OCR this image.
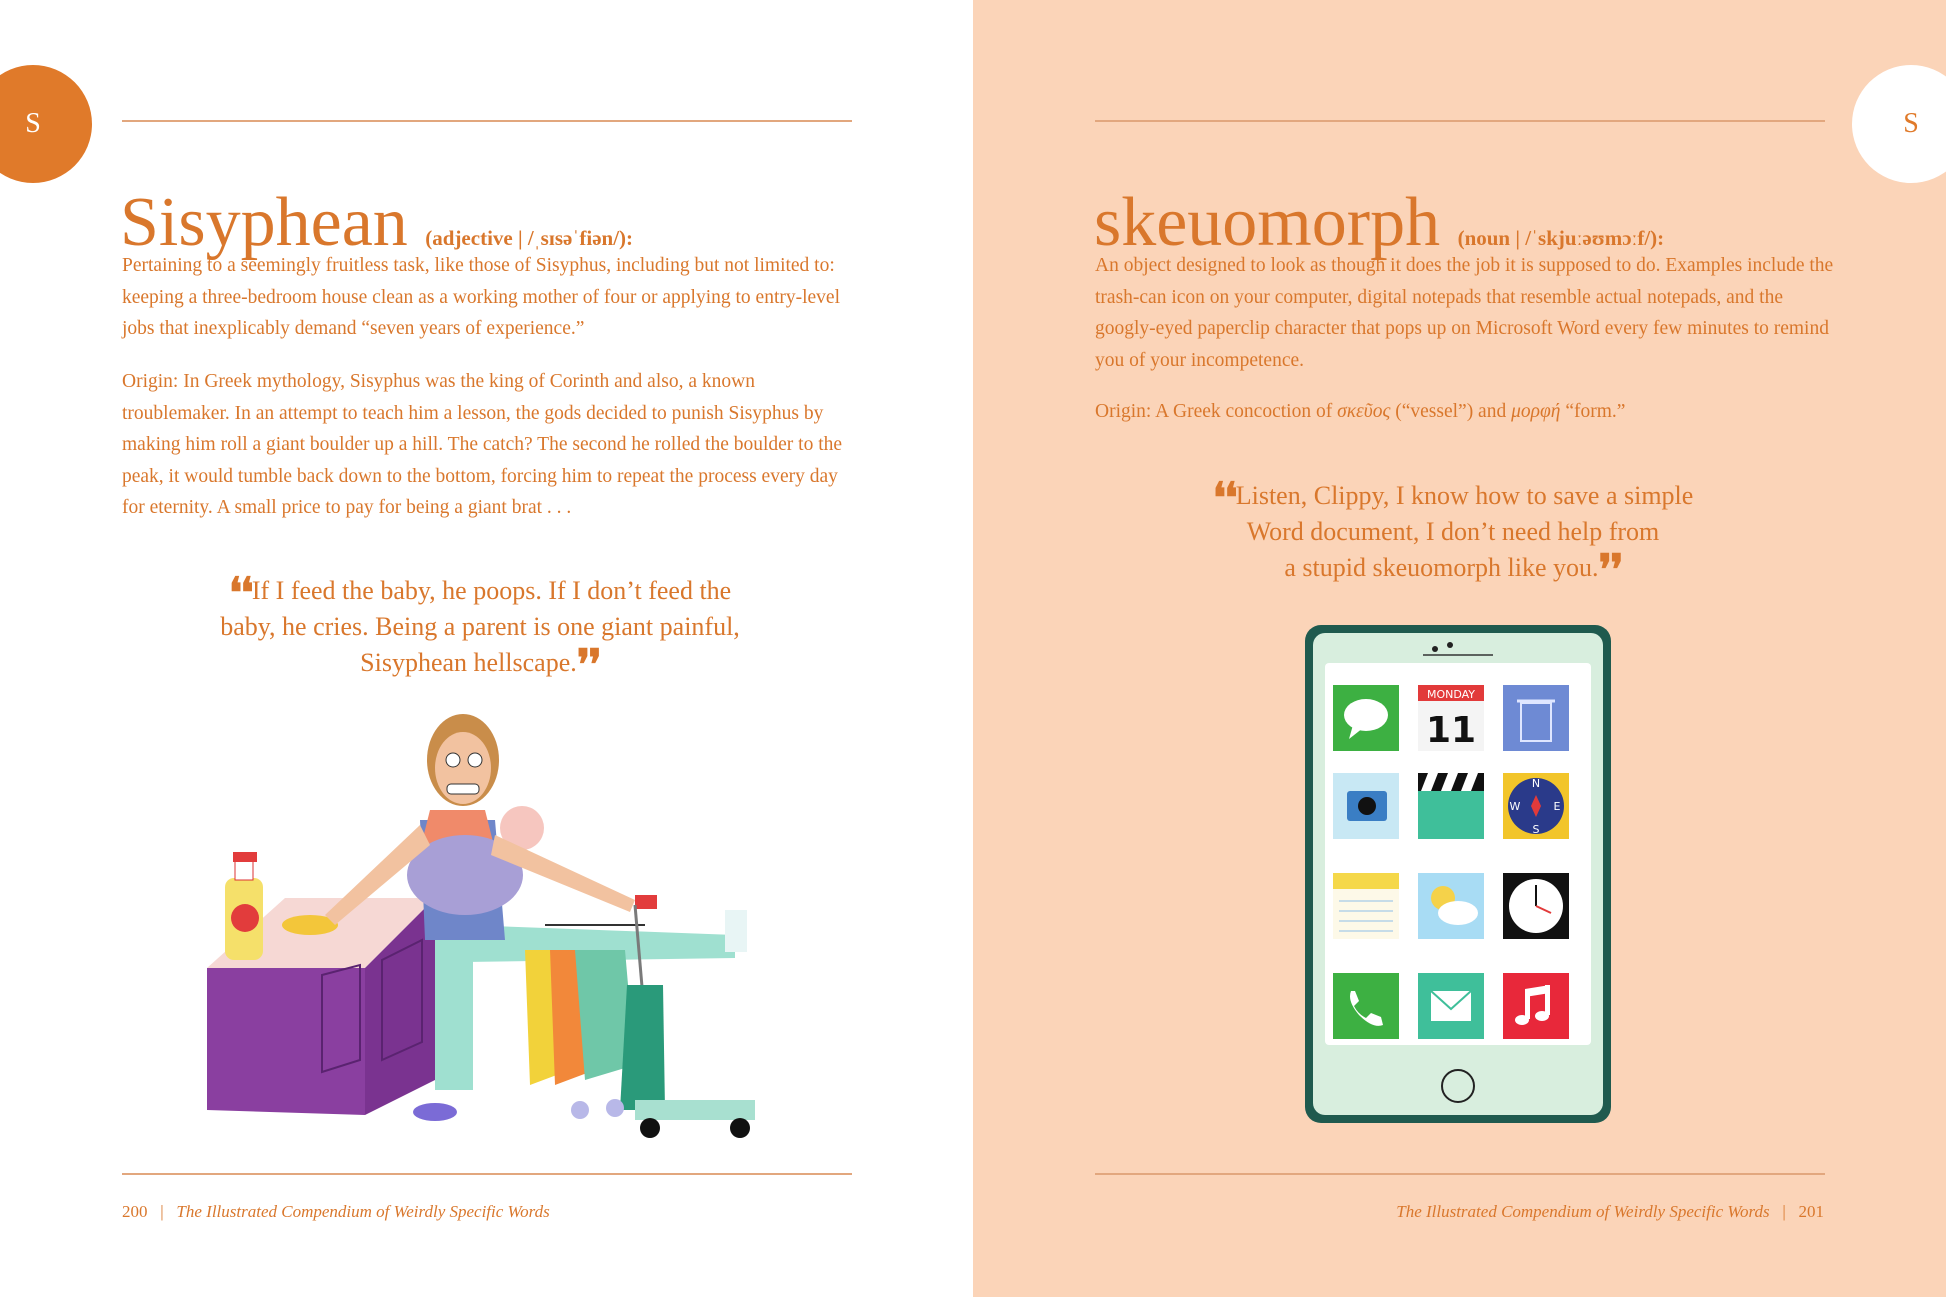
S
Sisyphean (adjective | /ˌsɪsəˈfiən/):

Pertaining to a seemingly fruitless task, like those of Sisyphus, including but not limited to: keeping a three-bedroom house clean as a working mother of four or applying to entry-level jobs that inexplicably demand “seven years of experience.”

Origin: In Greek mythology, Sisyphus was the king of Corinth and also, a known troublemaker. In an attempt to teach him a lesson, the gods decided to punish Sisyphus by making him roll a giant boulder up a hill. The catch? The second he rolled the boulder to the peak, it would tumble back down to the bottom, forcing him to repeat the process every day for eternity. A small price to pay for being a giant brat . . .

❛❛If I feed the baby, he poops. If I don’t feed the
baby, he cries. Being a parent is one giant painful,
Sisyphean hellscape.❜❜
200   |   The Illustrated Compendium of Weirdly Specific Words
S
skeuomorph (noun | /ˈskjuːəʊmɔːf/):

An object designed to look as though it does the job it is supposed to do. Examples include the trash-can icon on your computer, digital notepads that resemble actual notepads, and the googly-eyed paperclip character that pops up on Microsoft Word every few minutes to remind you of your incompetence.

Origin: A Greek concoction of σκεῦος (“vessel”) and μορφή “form.”

❛❛Listen, Clippy, I know how to save a simple
Word document, I don’t need help from
a stupid skeuomorph like you.❜❜
MONDAY
11
N
S
E
W
The Illustrated Compendium of Weirdly Specific Words   |   201
